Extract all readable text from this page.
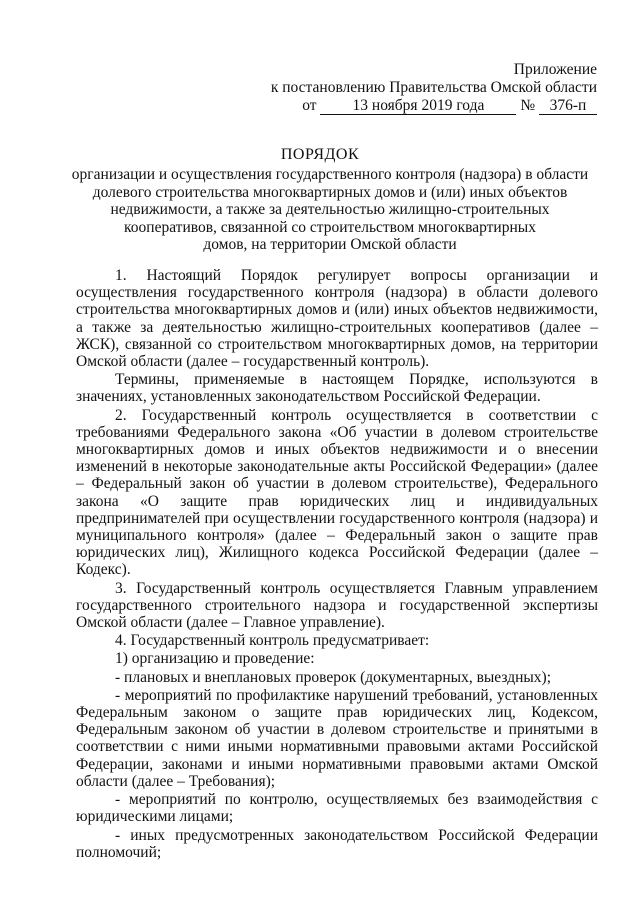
Приложение
к постановлению Правительства Омской области
от 13 ноября 2019 года № 376-п
ПОРЯДОК
организации и осуществления государственного контроля (надзора) в области
долевого строительства многоквартирных домов и (или) иных объектов
недвижимости, а также за деятельностью жилищно-строительных
кооперативов, связанной со строительством многоквартирных
домов, на территории Омской области

1. Настоящий Порядок регулирует вопросы организации и осуществления государственного контроля (надзора) в области долевого строительства многоквартирных домов и (или) иных объектов недвижимости, а также за деятельностью жилищно-строительных кооперативов (далее – ЖСК), связанной со строительством многоквартирных домов, на территории Омской области (далее – государственный контроль).

Термины, применяемые в настоящем Порядке, используются в значениях, установленных законодательством Российской Федерации.

2. Государственный контроль осуществляется в соответствии с требованиями Федерального закона «Об участии в долевом строительстве многоквартирных домов и иных объектов недвижимости и о внесении изменений в некоторые законодательные акты Российской Федерации» (далее – Федеральный закон об участии в долевом строительстве), Федерального закона «О защите прав юридических лиц и индивидуальных предпринимателей при осуществлении государственного контроля (надзора) и муниципального контроля» (далее – Федеральный закон о защите прав юридических лиц), Жилищного кодекса Российской Федерации (далее – Кодекс).

3. Государственный контроль осуществляется Главным управлением государственного строительного надзора и государственной экспертизы Омской области (далее – Главное управление).

4. Государственный контроль предусматривает:

1) организацию и проведение:

- плановых и внеплановых проверок (документарных, выездных);

- мероприятий по профилактике нарушений требований, установленных Федеральным законом о защите прав юридических лиц, Кодексом, Федеральным законом об участии в долевом строительстве и принятыми в соответствии с ними иными нормативными правовыми актами Российской Федерации, законами и иными нормативными правовыми актами Омской области (далее – Требования);

- мероприятий по контролю, осуществляемых без взаимодействия с юридическими лицами;

- иных предусмотренных законодательством Российской Федерации полномочий;
